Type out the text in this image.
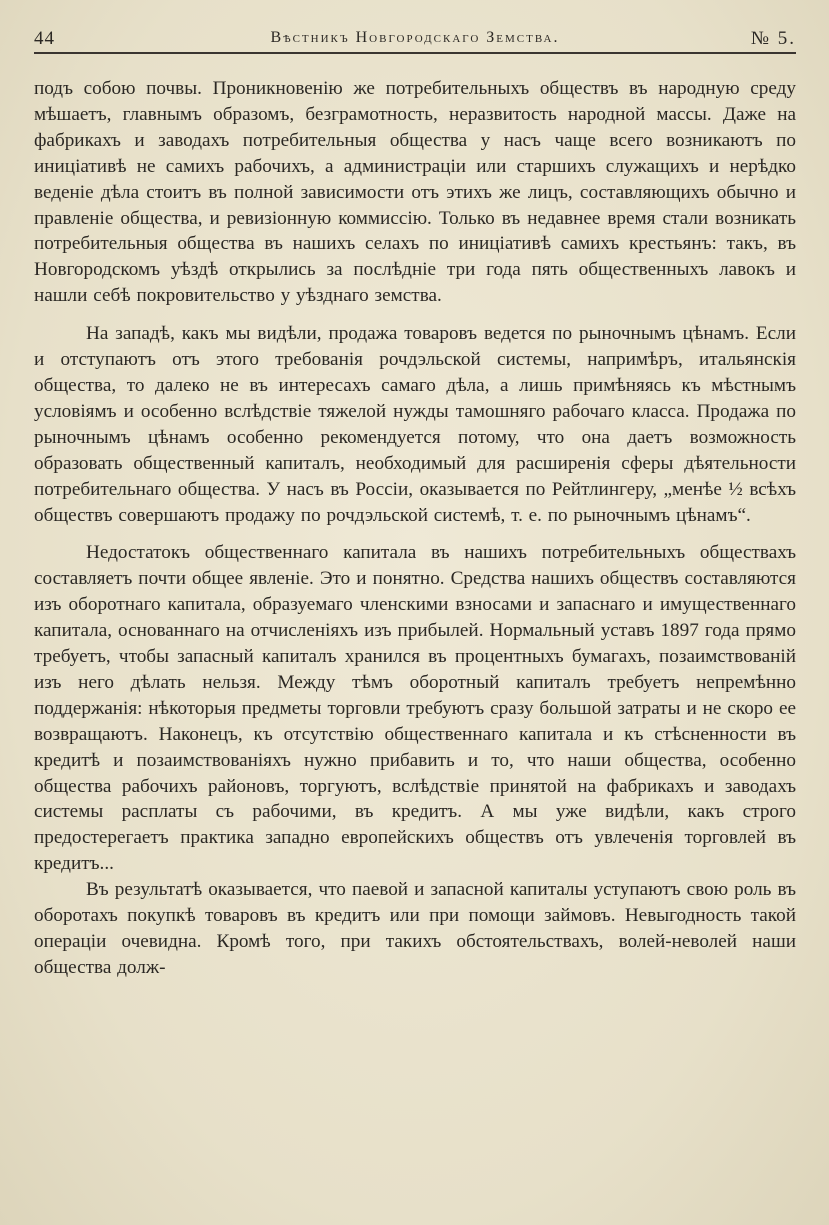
44	Вѣстникъ Новгородскаго Земства.	№ 5.

подъ собою почвы. Проникновенію же потребительныхъ обществъ въ народную среду мѣшаетъ, главнымъ образомъ, безграмотность, неразвитость народной массы. Даже на фабрикахъ и заводахъ потребительныя общества у насъ чаще всего возникаютъ по иниціативѣ не самихъ рабочихъ, а администраціи или старшихъ служащихъ и нерѣдко веденіе дѣла стоитъ въ полной зависимости отъ этихъ же лицъ, составляющихъ обычно и правленіе общества, и ревизіонную коммиссію. Только въ недавнее время стали возникать потребительныя общества въ нашихъ селахъ по иниціативѣ самихъ крестьянъ: такъ, въ Новгородскомъ уѣздѣ открылись за послѣдніе три года пять общественныхъ лавокъ и нашли себѣ покровительство у уѣзднаго земства.

На западѣ, какъ мы видѣли, продажа товаровъ ведется по рыночнымъ цѣнамъ. Если и отступаютъ отъ этого требованія рочдэльской системы, напримѣръ, итальянскія общества, то далеко не въ интересахъ самаго дѣла, а лишь примѣняясь къ мѣстнымъ условіямъ и особенно вслѣдствіе тяжелой нужды тамошняго рабочаго класса. Продажа по рыночнымъ цѣнамъ особенно рекомендуется потому, что она даетъ возможность образовать общественный капиталъ, необходимый для расширенія сферы дѣятельности потребительнаго общества. У насъ въ Россіи, оказывается по Рейтлингеру, „менѣе ½ всѣхъ обществъ совершаютъ продажу по рочдэльской системѣ, т. е. по рыночнымъ цѣнамъ“.

Недостатокъ общественнаго капитала въ нашихъ потребительныхъ обществахъ составляетъ почти общее явленіе. Это и понятно. Средства нашихъ обществъ составляются изъ оборотнаго капитала, образуемаго членскими взносами и запаснаго и имущественнаго капитала, основаннаго на отчисленіяхъ изъ прибылей. Нормальный уставъ 1897 года прямо требуетъ, чтобы запасный капиталъ хранился въ процентныхъ бумагахъ, позаимствованій изъ него дѣлать нельзя. Между тѣмъ оборотный капиталъ требуетъ непремѣнно поддержанія: нѣкоторыя предметы торговли требуютъ сразу большой затраты и не скоро ее возвращаютъ. Наконецъ, къ отсутствію общественнаго капитала и къ стѣсненности въ кредитѣ и позаимствованіяхъ нужно прибавить и то, что наши общества, особенно общества рабочихъ районовъ, торгуютъ, вслѣдствіе принятой на фабрикахъ и заводахъ системы расплаты съ рабочими, въ кредитъ. А мы уже видѣли, какъ строго предостерегаетъ практика западно европейскихъ обществъ отъ увлеченія торговлей въ кредитъ...

Въ результатѣ оказывается, что паевой и запасной капиталы уступаютъ свою роль въ оборотахъ покупкѣ товаровъ въ кредитъ или при помощи займовъ. Невыгодность такой операціи очевидна. Кромѣ того, при такихъ обстоятельствахъ, волей-неволей наши общества долж-
